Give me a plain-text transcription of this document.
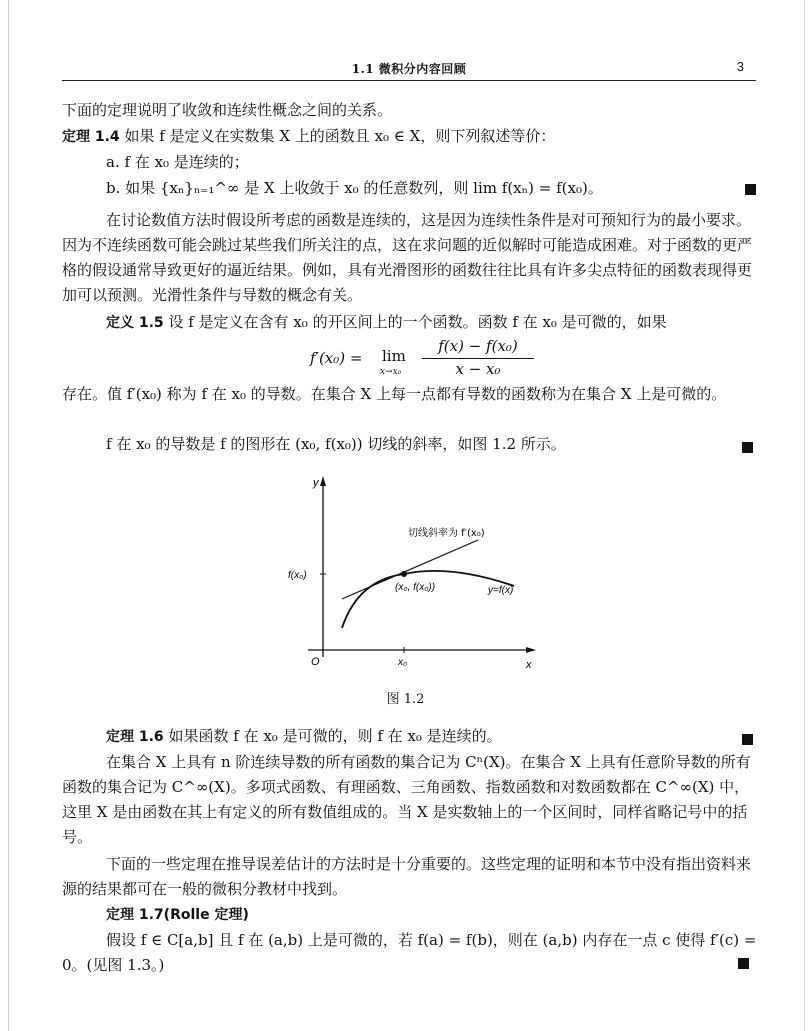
1.1 微积分内容回顾	3

下面的定理说明了收敛和连续性概念之间的关系。

定理 1.4 如果 f 是定义在实数集 X 上的函数且 x₀ ∈ X，则下列叙述等价：

a. f 在 x₀ 是连续的；

b. 如果 {xₙ}ₙ₌₁^∞ 是 X 上收敛于 x₀ 的任意数列，则 lim f(xₙ) = f(x₀)。

在讨论数值方法时假设所考虑的函数是连续的，这是因为连续性条件是对可预知行为的最小要求。因为不连续函数可能会跳过某些我们所关注的点，这在求问题的近似解时可能造成困难。对于函数的更严格的假设通常导致更好的逼近结果。例如，具有光滑图形的函数往往比具有许多尖点特征的函数表现得更加可以预测。光滑性条件与导数的概念有关。

定义 1.5 设 f 是定义在含有 x₀ 的开区间上的一个函数。函数 f 在 x₀ 是可微的，如果

f′(x₀) = lim
x→x₀
f(x) − f(x₀)
x − x₀

存在。值 f′(x₀) 称为 f 在 x₀ 的导数。在集合 X 上每一点都有导数的函数称为在集合 X 上是可微的。

f 在 x₀ 的导数是 f 的图形在 (x₀, f(x₀)) 切线的斜率，如图 1.2 所示。

y
x
O
f(x₀)
x₀
(x₀, f(x₀))
切线斜率为 f′(x₀)
y=f(x)
图 1.2

定理 1.6 如果函数 f 在 x₀ 是可微的，则 f 在 x₀ 是连续的。

在集合 X 上具有 n 阶连续导数的所有函数的集合记为 Cⁿ(X)。在集合 X 上具有任意阶导数的所有函数的集合记为 C^∞(X)。多项式函数、有理函数、三角函数、指数函数和对数函数都在 C^∞(X) 中，这里 X 是由函数在其上有定义的所有数值组成的。当 X 是实数轴上的一个区间时，同样省略记号中的括号。

下面的一些定理在推导误差估计的方法时是十分重要的。这些定理的证明和本节中没有指出资料来源的结果都可在一般的微积分教材中找到。

定理 1.7(Rolle 定理)

假设 f ∈ C[a,b] 且 f 在 (a,b) 上是可微的，若 f(a) = f(b)，则在 (a,b) 内存在一点 c 使得 f′(c) = 0。(见图 1.3。)
